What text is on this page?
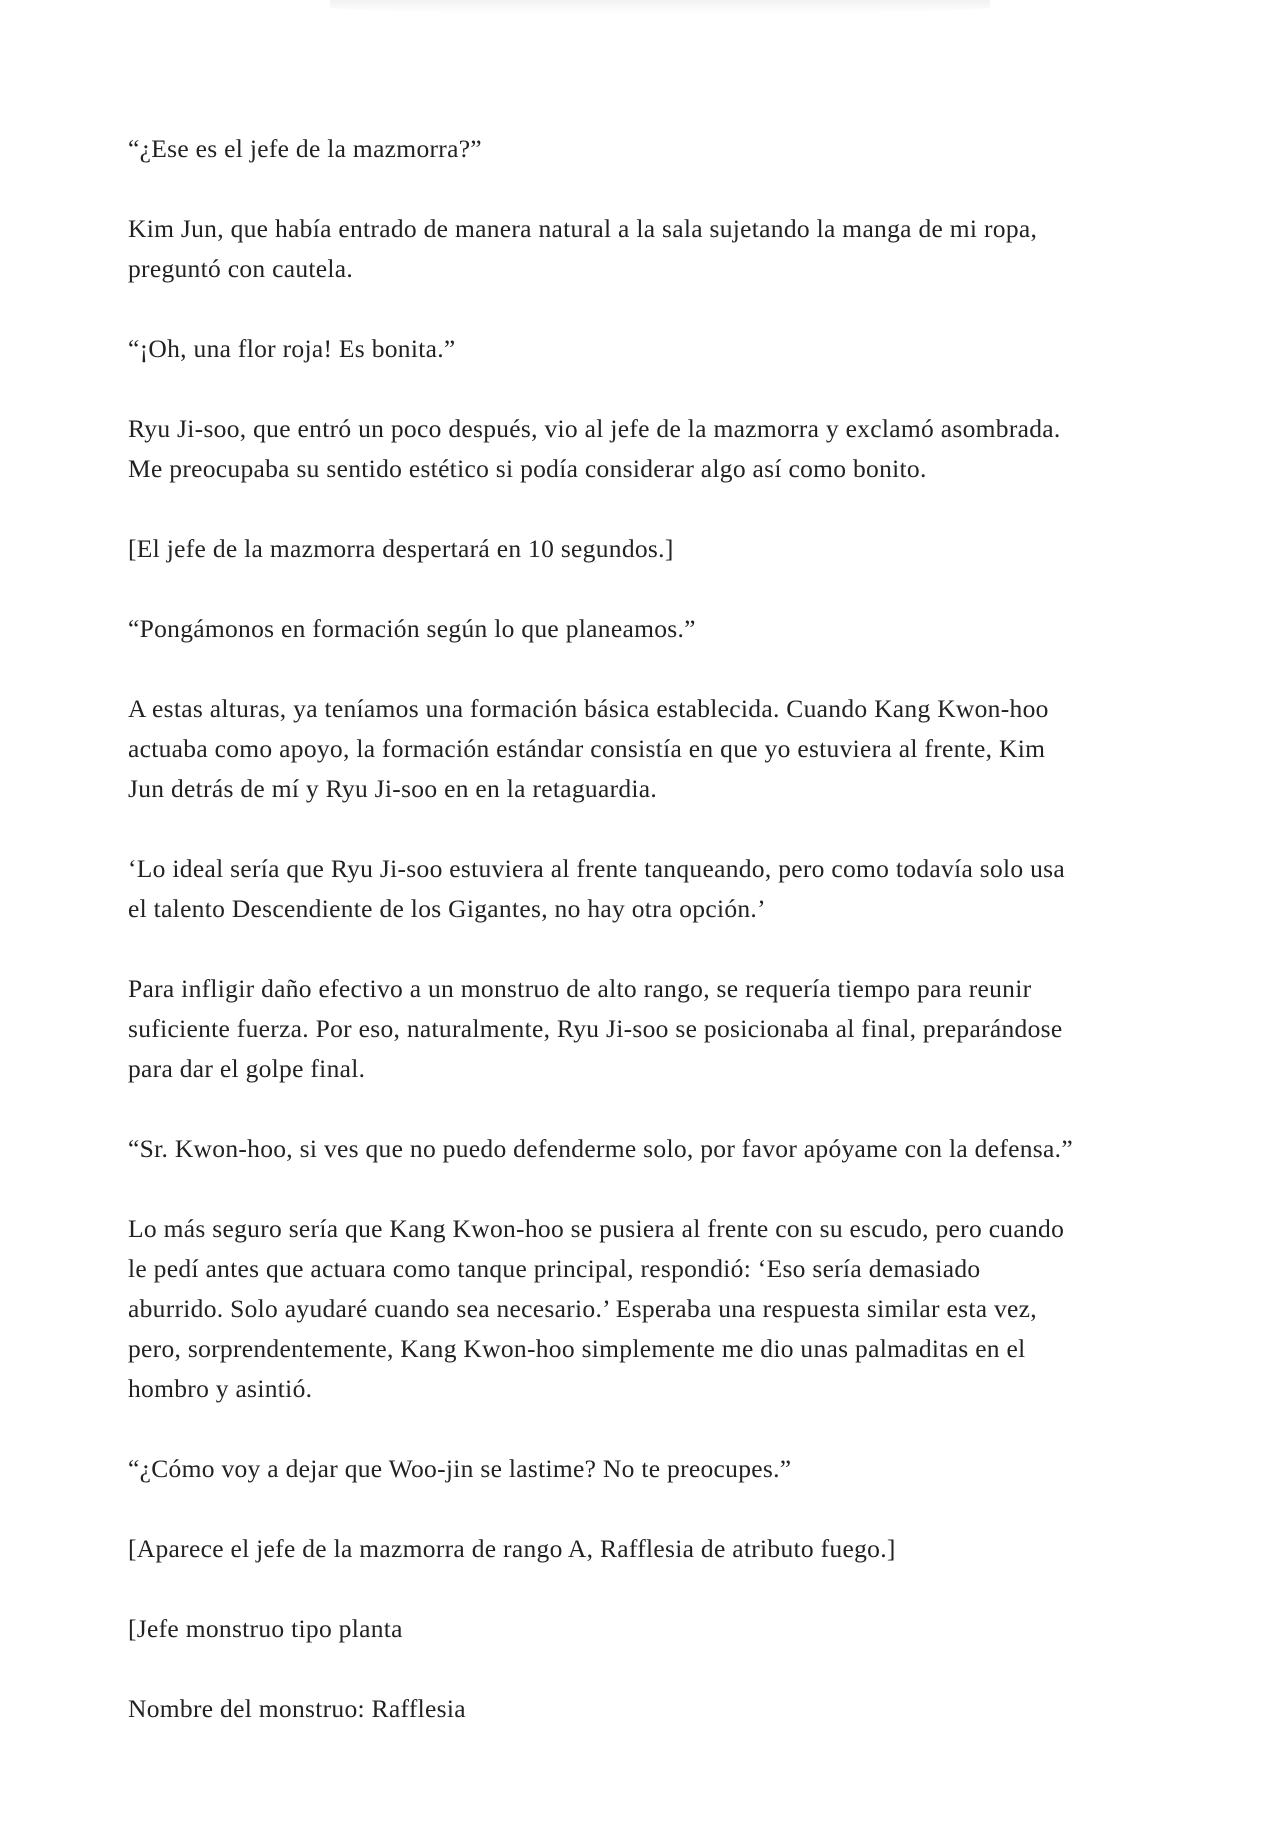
“¿Ese es el jefe de la mazmorra?”

Kim Jun, que había entrado de manera natural a la sala sujetando la manga de mi ropa,
preguntó con cautela.

“¡Oh, una flor roja! Es bonita.”

Ryu Ji-soo, que entró un poco después, vio al jefe de la mazmorra y exclamó asombrada.
Me preocupaba su sentido estético si podía considerar algo así como bonito.

[El jefe de la mazmorra despertará en 10 segundos.]

“Pongámonos en formación según lo que planeamos.”

A estas alturas, ya teníamos una formación básica establecida. Cuando Kang Kwon-hoo
actuaba como apoyo, la formación estándar consistía en que yo estuviera al frente, Kim
Jun detrás de mí y Ryu Ji-soo en en la retaguardia.

‘Lo ideal sería que Ryu Ji-soo estuviera al frente tanqueando, pero como todavía solo usa
el talento Descendiente de los Gigantes, no hay otra opción.’

Para infligir daño efectivo a un monstruo de alto rango, se requería tiempo para reunir
suficiente fuerza. Por eso, naturalmente, Ryu Ji-soo se posicionaba al final, preparándose
para dar el golpe final.

“Sr. Kwon-hoo, si ves que no puedo defenderme solo, por favor apóyame con la defensa.”

Lo más seguro sería que Kang Kwon-hoo se pusiera al frente con su escudo, pero cuando
le pedí antes que actuara como tanque principal, respondió: ‘Eso sería demasiado
aburrido. Solo ayudaré cuando sea necesario.’ Esperaba una respuesta similar esta vez,
pero, sorprendentemente, Kang Kwon-hoo simplemente me dio unas palmaditas en el
hombro y asintió.

“¿Cómo voy a dejar que Woo-jin se lastime? No te preocupes.”

[Aparece el jefe de la mazmorra de rango A, Rafflesia de atributo fuego.]

[Jefe monstruo tipo planta

Nombre del monstruo: Rafflesia
